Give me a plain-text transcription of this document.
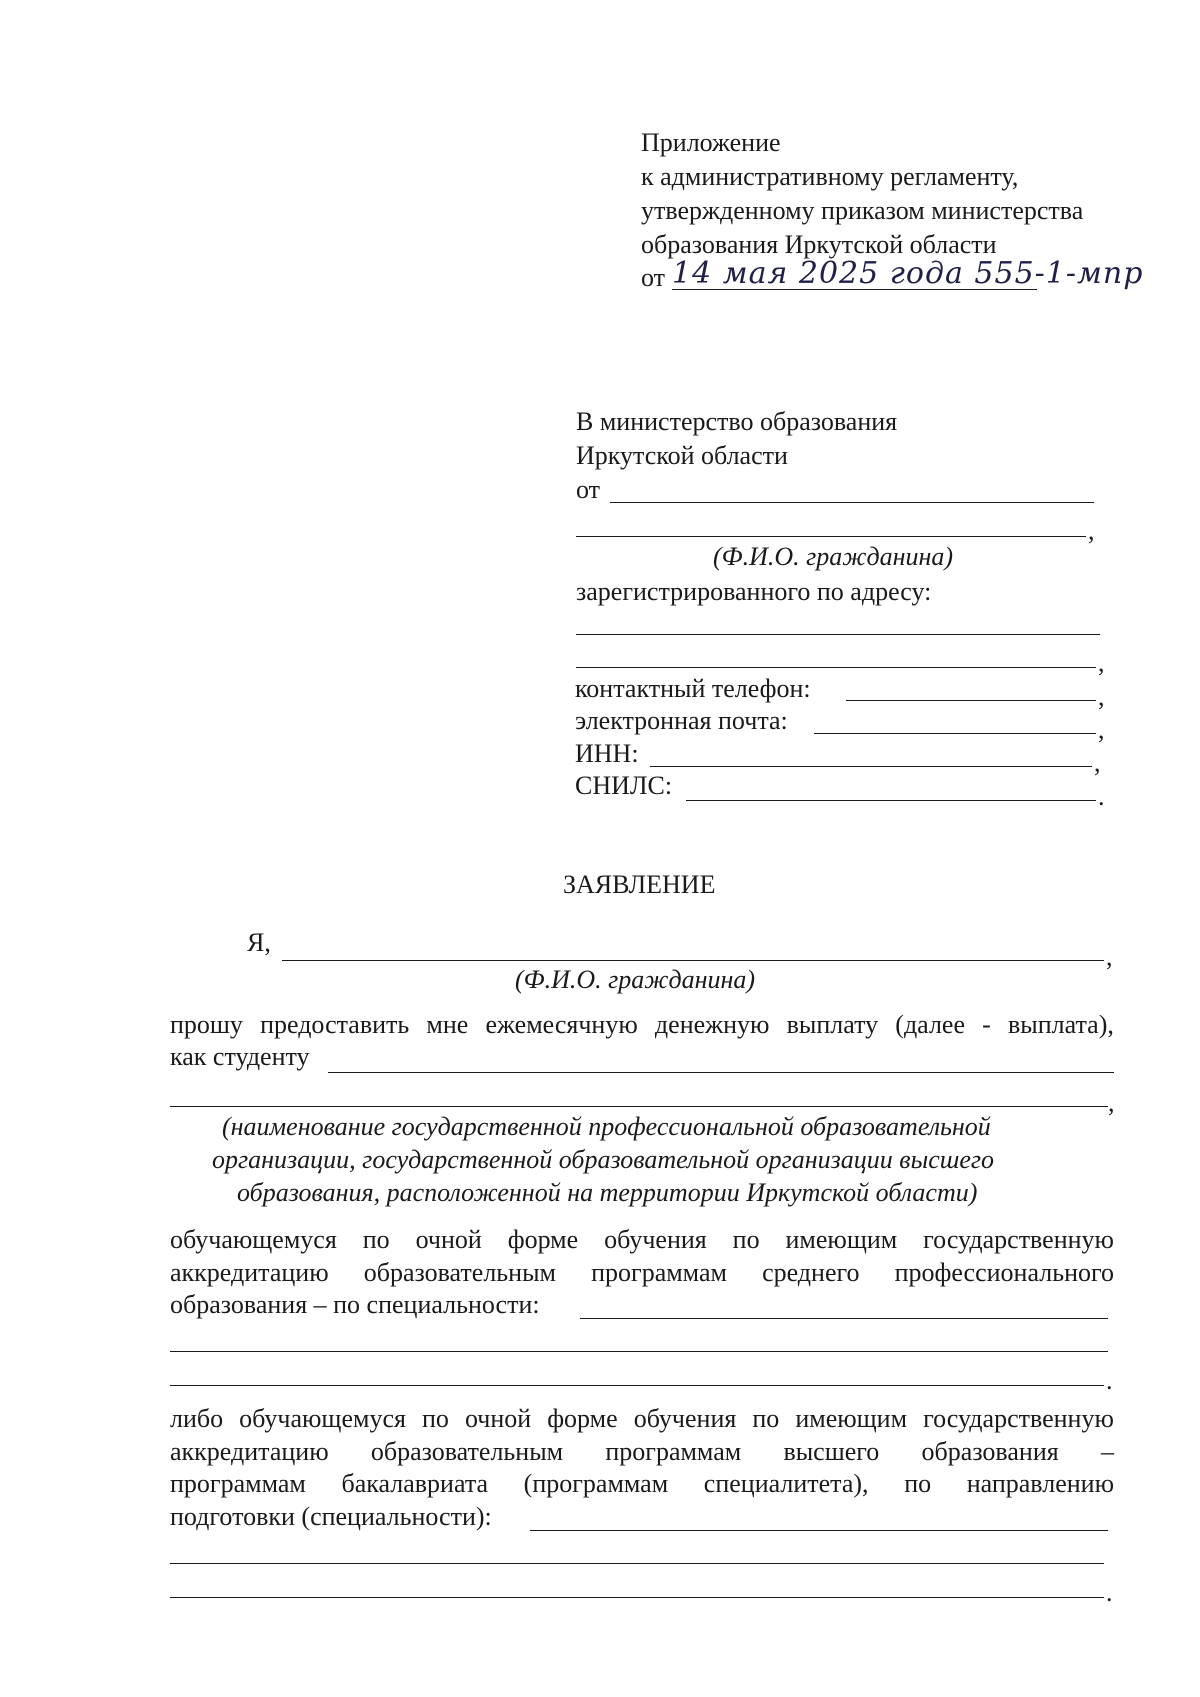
Приложение
к административному регламенту,
утвержденному приказом министерства
образования Иркутской области
от 14 мая 2025 года 555-1-мпр
В министерство образования
Иркутской области
от
,
(Ф.И.О. гражданина)
зарегистрированного по адресу:
,
контактный телефон:	,
электронная почта:	,
ИНН:	,
СНИЛС:	.
ЗАЯВЛЕНИЕ
Я,	,
(Ф.И.О. гражданина)
прошу предоставить мне ежемесячную денежную выплату (далее - выплата),
как студенту
,
(наименование государственной профессиональной образовательной
организации, государственной образовательной организации высшего
образования, расположенной на территории Иркутской области)
обучающемуся по очной форме обучения по имеющим государственную
аккредитацию образовательным программам среднего профессионального
образования – по специальности:
.
либо обучающемуся по очной форме обучения по имеющим государственную
аккредитацию образовательным программам высшего образования –
программам бакалавриата (программам специалитета), по направлению
подготовки (специальности):
.
